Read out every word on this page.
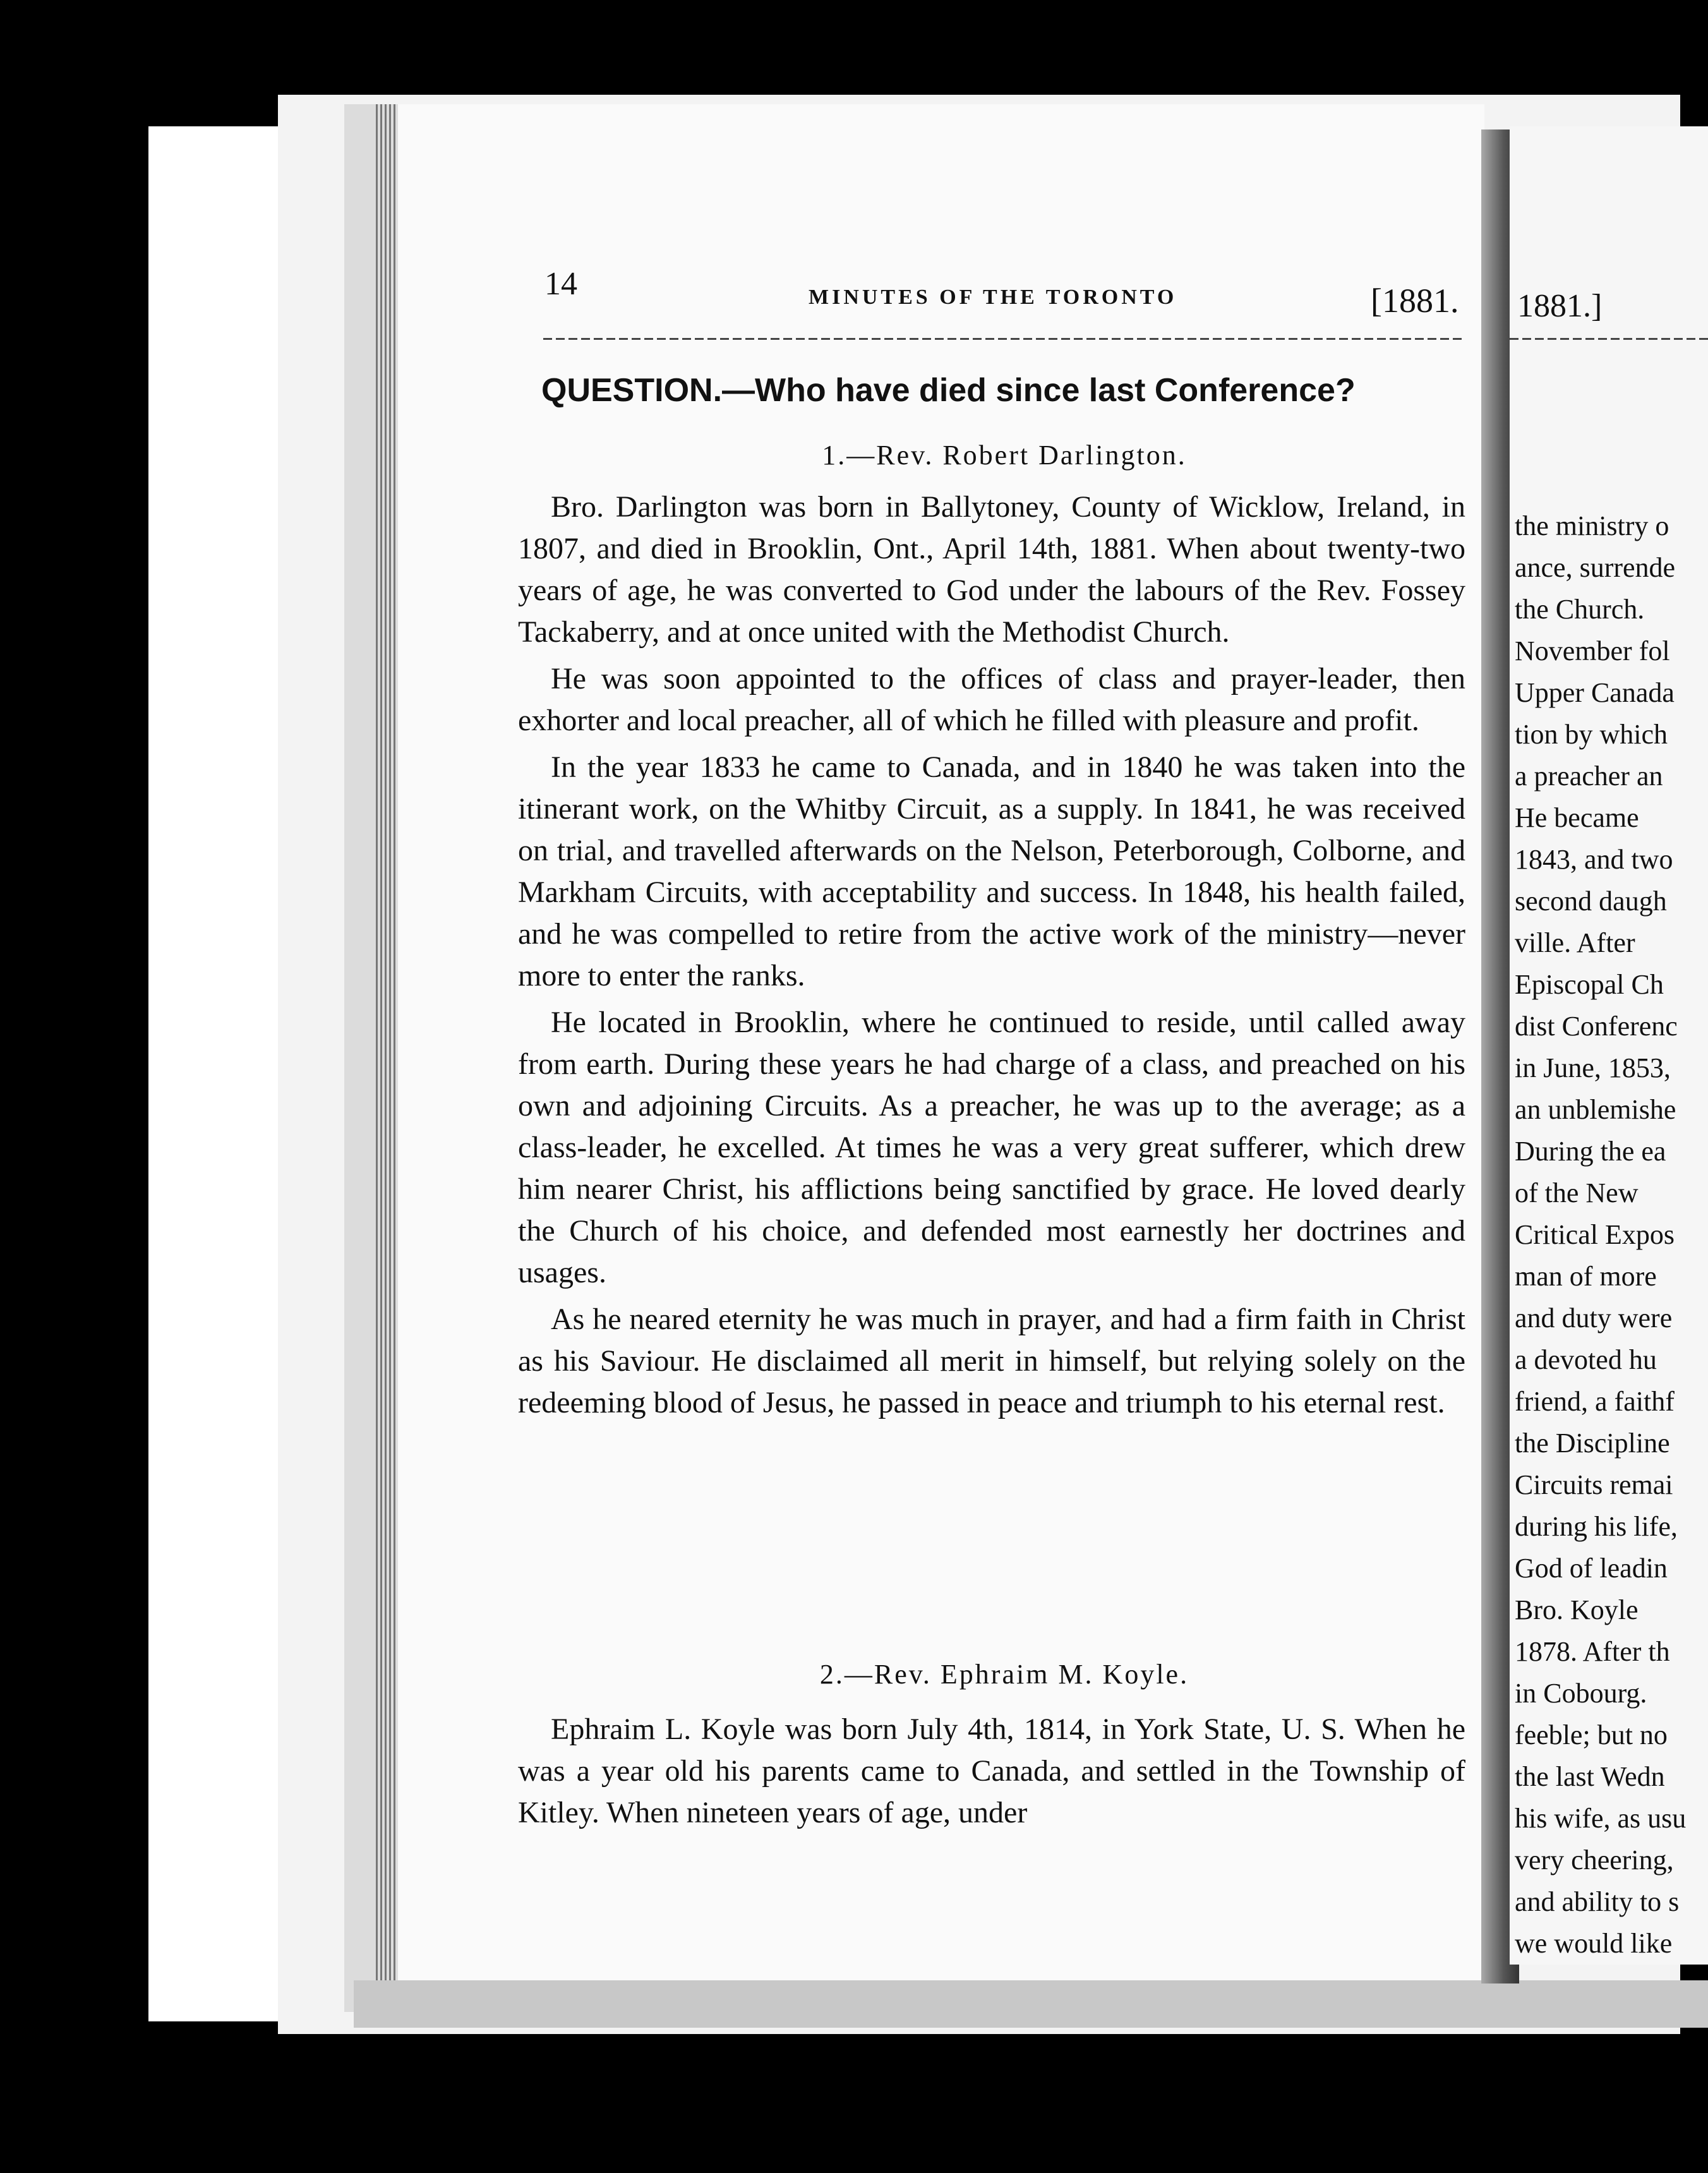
14	MINUTES OF THE TORONTO	[1881.
QUESTION.—Who have died since last Conference?
1.—Rev. Robert Darlington.

Bro. Darlington was born in Ballytoney, County of Wicklow, Ireland, in 1807, and died in Brooklin, Ont., April 14th, 1881. When about twenty-two years of age, he was converted to God under the labours of the Rev. Fossey Tackaberry, and at once united with the Methodist Church.

He was soon appointed to the offices of class and prayer-leader, then exhorter and local preacher, all of which he filled with pleasure and profit.

In the year 1833 he came to Canada, and in 1840 he was taken into the itinerant work, on the Whitby Circuit, as a supply. In 1841, he was received on trial, and travelled afterwards on the Nelson, Peterborough, Colborne, and Markham Circuits, with acceptability and success. In 1848, his health failed, and he was compelled to retire from the active work of the ministry—never more to enter the ranks.

He located in Brooklin, where he continued to reside, until called away from earth. During these years he had charge of a class, and preached on his own and adjoining Circuits. As a preacher, he was up to the average; as a class-leader, he excelled. At times he was a very great sufferer, which drew him nearer Christ, his afflictions being sanctified by grace. He loved dearly the Church of his choice, and defended most earnestly her doctrines and usages.

As he neared eternity he was much in prayer, and had a firm faith in Christ as his Saviour. He disclaimed all merit in himself, but relying solely on the redeeming blood of Jesus, he passed in peace and triumph to his eternal rest.

2.—Rev. Ephraim M. Koyle.

Ephraim L. Koyle was born July 4th, 1814, in York State, U. S. When he was a year old his parents came to Canada, and settled in the Township of Kitley. When nineteen years of age, under

1881.]
the ministry o
ance, surrende
the Church.
November fol
Upper Canada
tion by which
a preacher an
He became
1843, and two
second daugh
ville. After
Episcopal Ch
dist Conferenc
in June, 1853,
an unblemishe
During the ea
of the New
Critical Expos
man of more
and duty were
a devoted hu
friend, a faithf
the Discipline
Circuits remai
during his life,
God of leadin
Bro. Koyle
1878. After th
in Cobourg.
feeble; but no
the last Wedn
his wife, as usu
very cheering,
and ability to s
we would like
